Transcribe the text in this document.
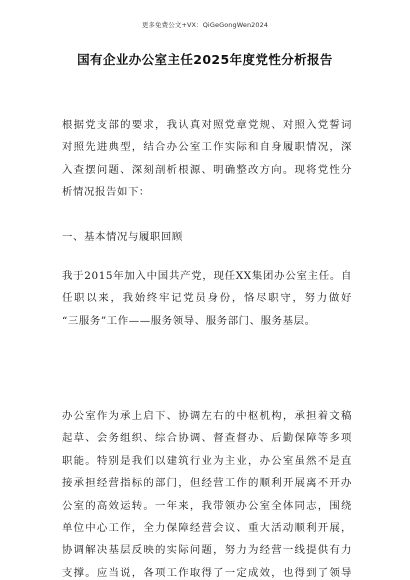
更多免费公文+VX：QiGeGongWen2024
国有企业办公室主任2025年度党性分析报告
根据党支部的要求，我认真对照党章党规、对照入党誓词
对照先进典型，结合办公室工作实际和自身履职情况，深
入查摆问题、深刻剖析根源、明确整改方向。现将党性分
析情况报告如下：
一、基本情况与履职回顾
我于2015年加入中国共产党，现任XX集团办公室主任。自
任职以来，我始终牢记党员身份，恪尽职守，努力做好
“三服务”工作——服务领导、服务部门、服务基层。
办公室作为承上启下、协调左右的中枢机构，承担着文稿
起草、会务组织、综合协调、督查督办、后勤保障等多项
职能。特别是我们以建筑行业为主业，办公室虽然不是直
接承担经营指标的部门，但经营工作的顺利开展离不开办
公室的高效运转。一年来，我带领办公室全体同志，围绕
单位中心工作，全力保障经营会议、重大活动顺利开展，
协调解决基层反映的实际问题，努力为经营一线提供有力
支撑。应当说，各项工作取得了一定成效，也得到了领导
